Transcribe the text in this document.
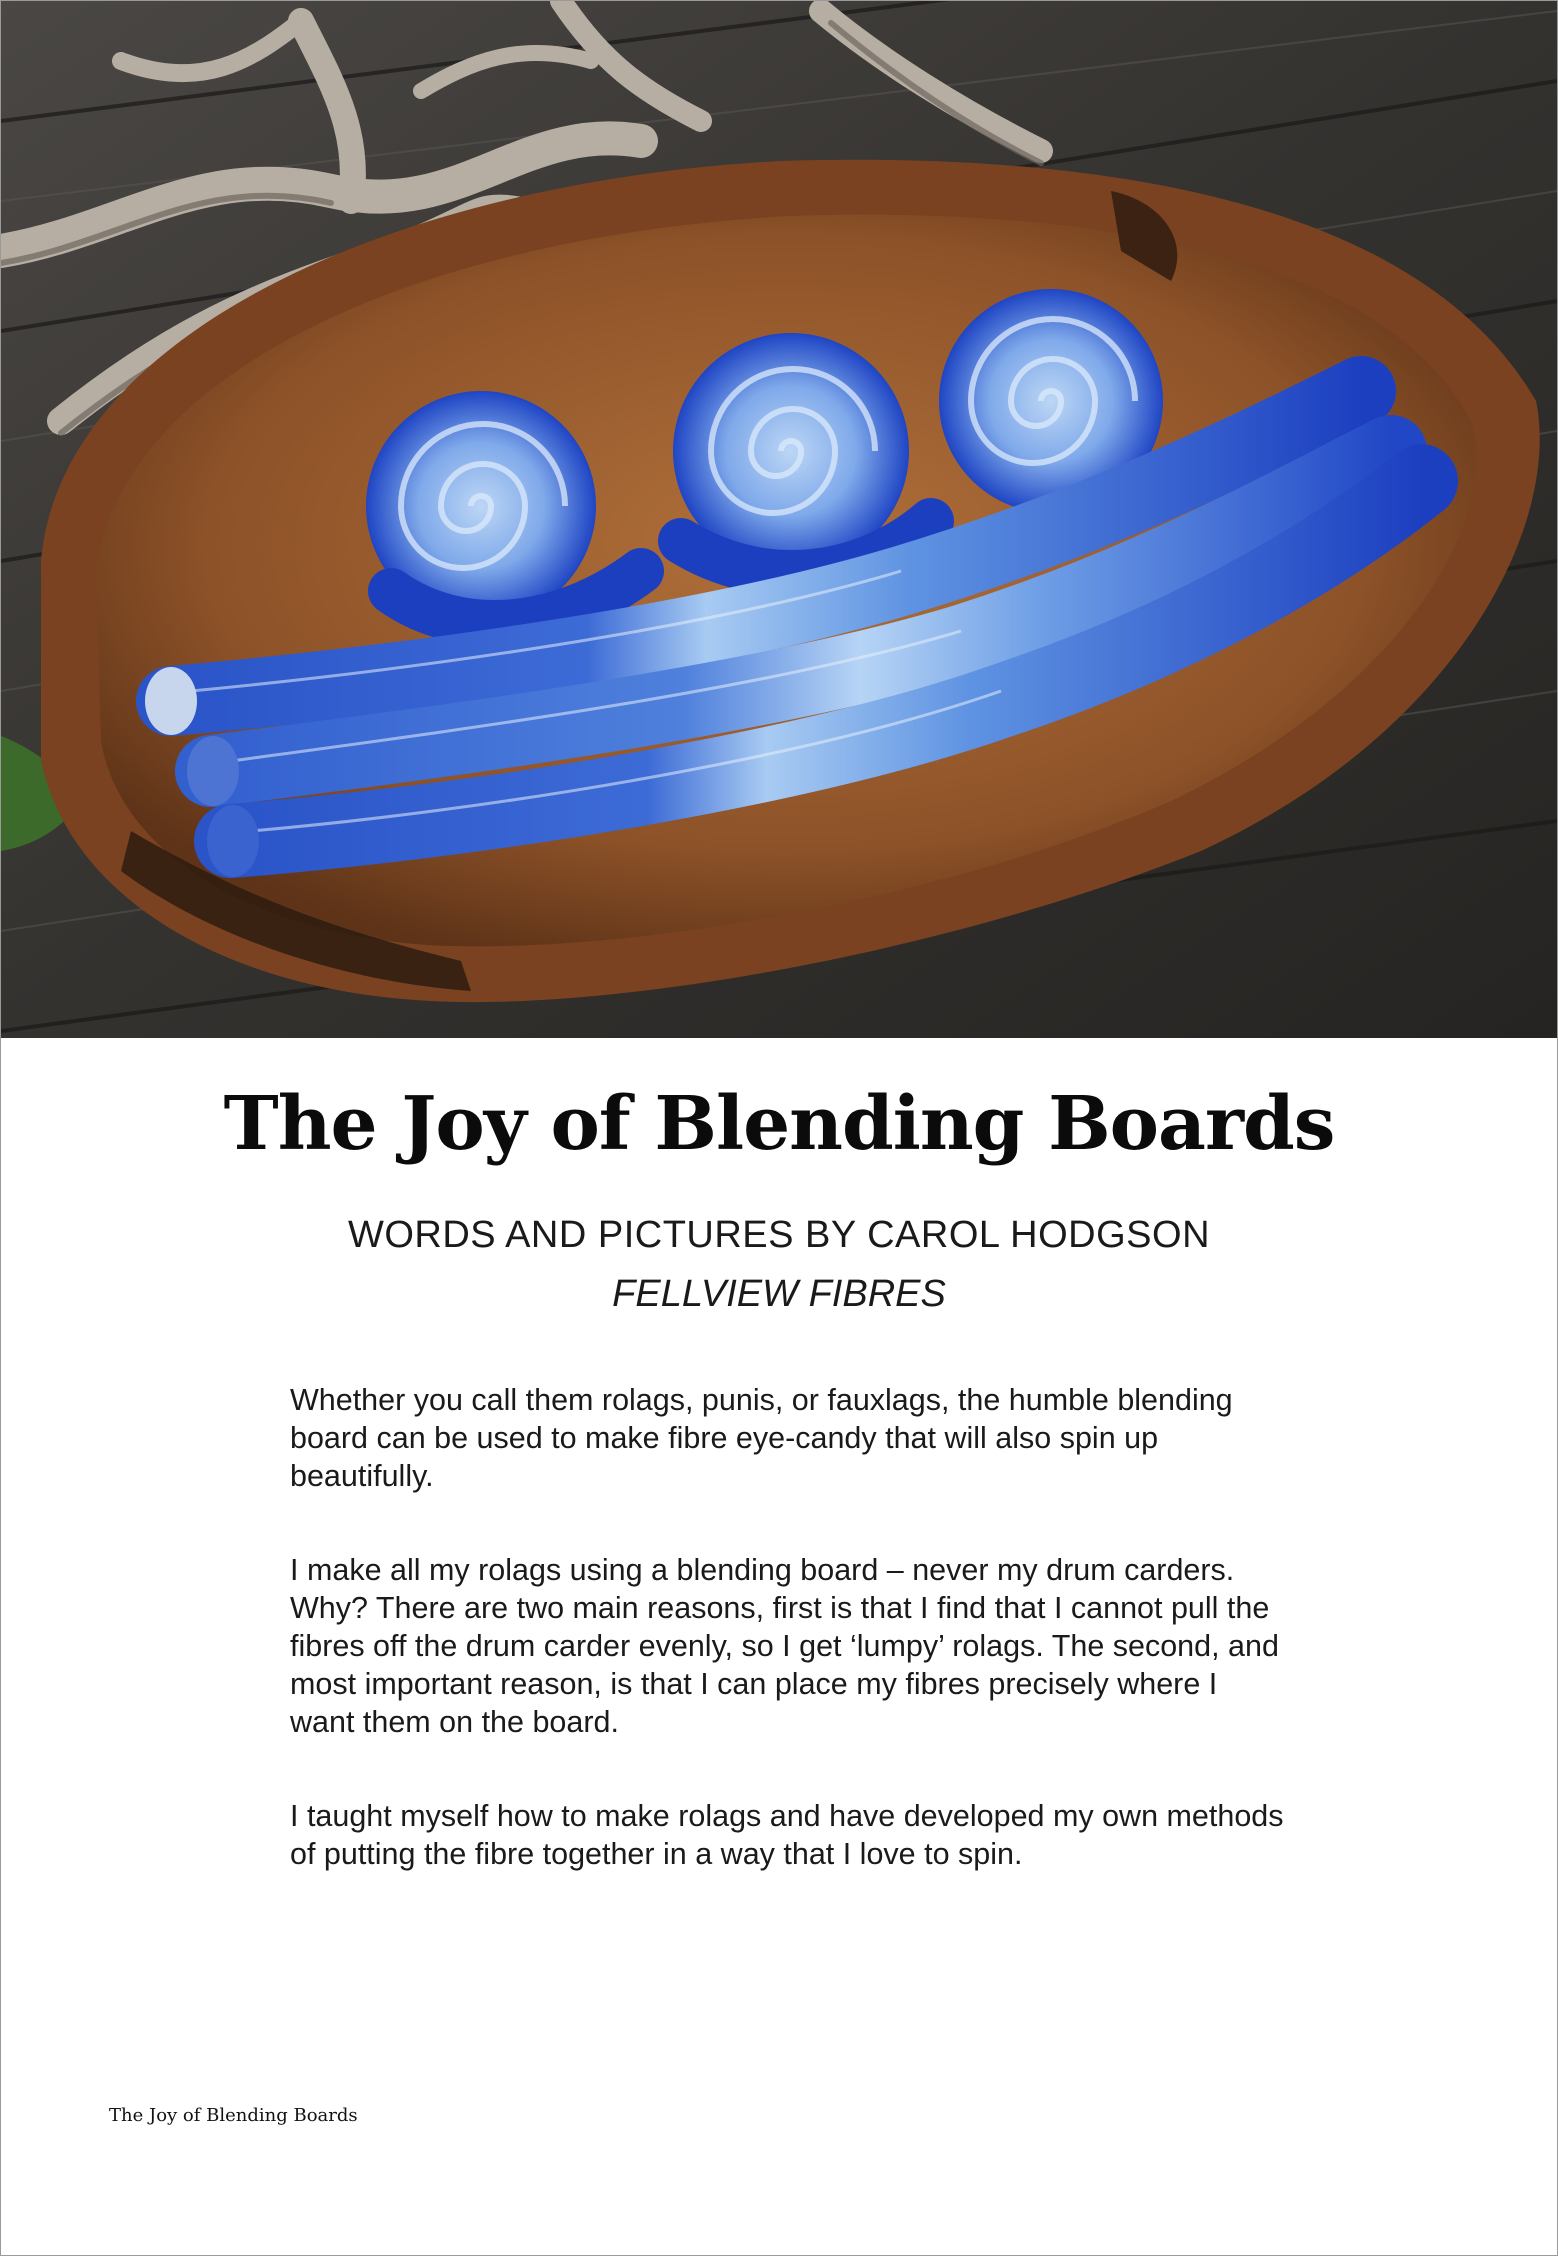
The Joy of Blending Boards
WORDS AND PICTURES BY CAROL HODGSON
FELLVIEW FIBRES

Whether you call them rolags, punis, or fauxlags, the humble blending board can be used to make fibre eye-candy that will also spin up beautifully.

I make all my rolags using a blending board – never my drum carders. Why? There are two main reasons, first is that I find that I cannot pull the fibres off the drum carder evenly, so I get ‘lumpy’ rolags. The second, and most important reason, is that I can place my fibres precisely where I want them on the board.

I taught myself how to make rolags and have developed my own methods of putting the fibre together in a way that I love to spin.

The Joy of Blending Boards
